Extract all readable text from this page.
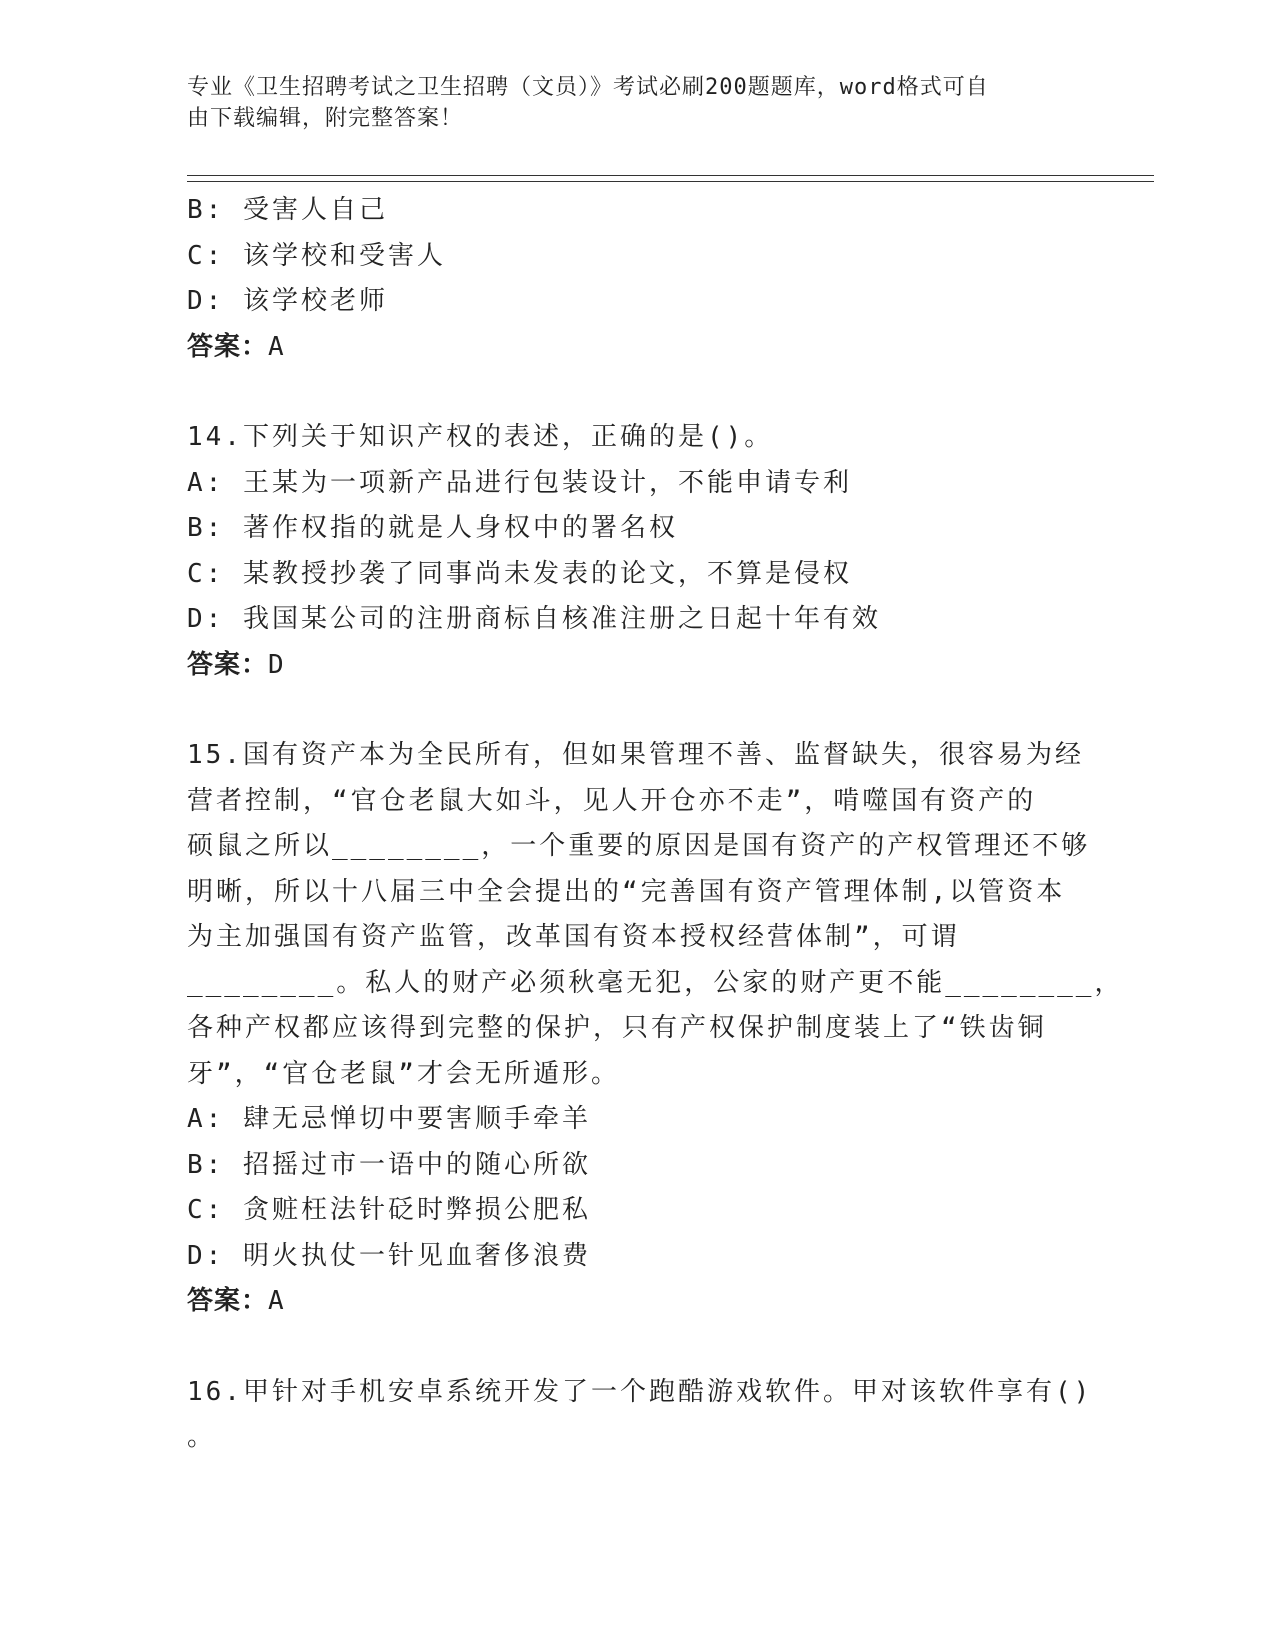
专业《卫生招聘考试之卫生招聘（文员）》考试必刷200题题库，word格式可自
由下载编辑，附完整答案！
B: 受害人自己
C: 该学校和受害人
D: 该学校老师
答案：A
14.下列关于知识产权的表述，正确的是()。
A: 王某为一项新产品进行包装设计，不能申请专利
B: 著作权指的就是人身权中的署名权
C: 某教授抄袭了同事尚未发表的论文，不算是侵权
D: 我国某公司的注册商标自核准注册之日起十年有效
答案：D
15.国有资产本为全民所有，但如果管理不善、监督缺失，很容易为经
营者控制，“官仓老鼠大如斗，见人开仓亦不走”，啃噬国有资产的
硕鼠之所以________，一个重要的原因是国有资产的产权管理还不够
明晰，所以十八届三中全会提出的“完善国有资产管理体制,以管资本
为主加强国有资产监管，改革国有资本授权经营体制”，可谓
________。私人的财产必须秋毫无犯，公家的财产更不能________，
各种产权都应该得到完整的保护，只有产权保护制度装上了“铁齿铜
牙”，“官仓老鼠”才会无所遁形。
A: 肆无忌惮切中要害顺手牵羊
B: 招摇过市一语中的随心所欲
C: 贪赃枉法针砭时弊损公肥私
D: 明火执仗一针见血奢侈浪费
答案：A
16.甲针对手机安卓系统开发了一个跑酷游戏软件。甲对该软件享有()
。
